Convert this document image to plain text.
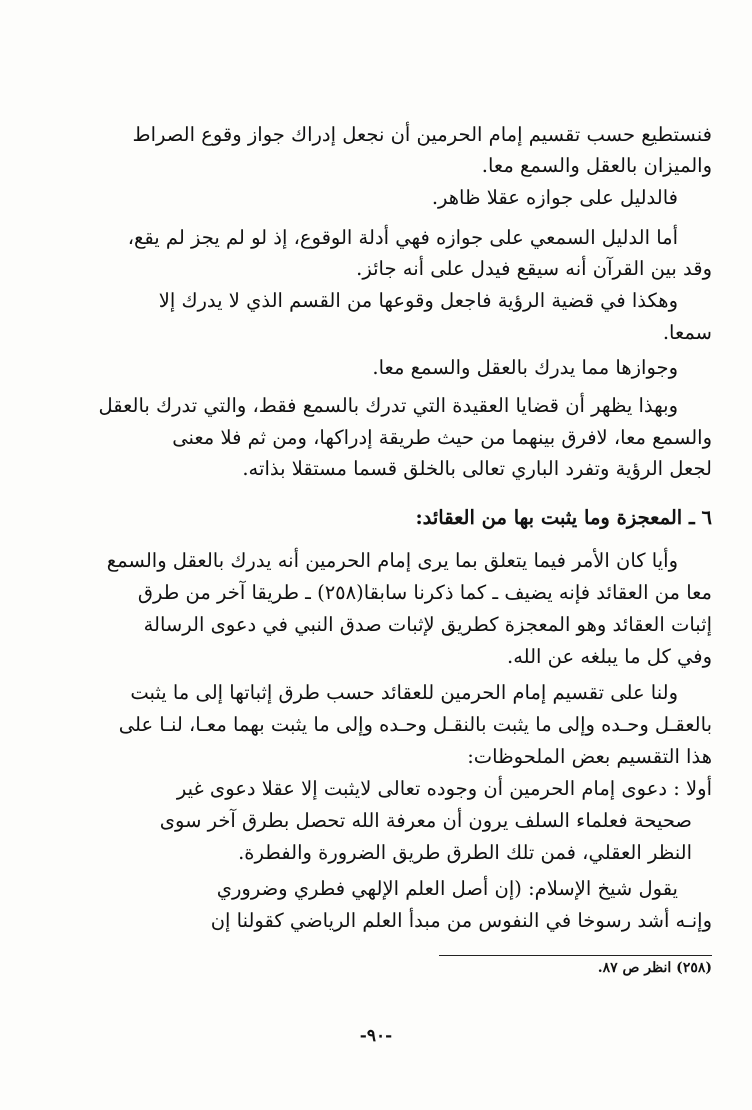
فنستطيع حسب تقسيم إمام الحرمين أن نجعل إدراك جواز وقوع الصراط
والميزان بالعقل والسمع معا.
فالدليل على جوازه عقلا ظاهر.
أما الدليل السمعي على جوازه فهي أدلة الوقوع، إذ لو لم يجز لم يقع،
وقد بين القرآن أنه سيقع فيدل على أنه جائز.
وهكذا في قضية الرؤية فاجعل وقوعها من القسم الذي لا يدرك إلا
سمعا.
وجوازها مما يدرك بالعقل والسمع معا.
وبهذا يظهر أن قضايا العقيدة التي تدرك بالسمع فقط، والتي تدرك بالعقل
والسمع معا، لافرق بينهما من حيث طريقة إدراكها، ومن ثم فلا معنى
لجعل الرؤية وتفرد الباري تعالى بالخلق قسما مستقلا بذاته.
٦ ـ المعجزة وما يثبت بها من العقائد:
وأيا كان الأمر فيما يتعلق بما يرى إمام الحرمين أنه يدرك بالعقل والسمع
معا من العقائد فإنه يضيف ـ كما ذكرنا سابقا(٢٥٨) ـ طريقا آخر من طرق
إثبات العقائد وهو المعجزة كطريق لإثبات صدق النبي في دعوى الرسالة
وفي كل ما يبلغه عن الله.
ولنا على تقسيم إمام الحرمين للعقائد حسب طرق إثباتها إلى ما يثبت
بالعقـل وحـده وإلى ما يثبت بالنقـل وحـده وإلى ما يثبت بهما معـا، لنـا على
هذا التقسيم بعض الملحوظات:
أولا : دعوى إمام الحرمين أن وجوده تعالى لايثبت إلا عقلا دعوى غير
صحيحة فعلماء السلف يرون أن معرفة الله تحصل بطرق آخر سوى
النظر العقلي، فمن تلك الطرق طريق الضرورة والفطرة.
يقول شيخ الإسلام: (إن أصل العلم الإلهي فطري وضروري
وإنـه أشد رسوخا في النفوس من مبدأ العلم الرياضي كقولنا إن
(٢٥٨) انظر ص ٨٧.
-٩٠-
